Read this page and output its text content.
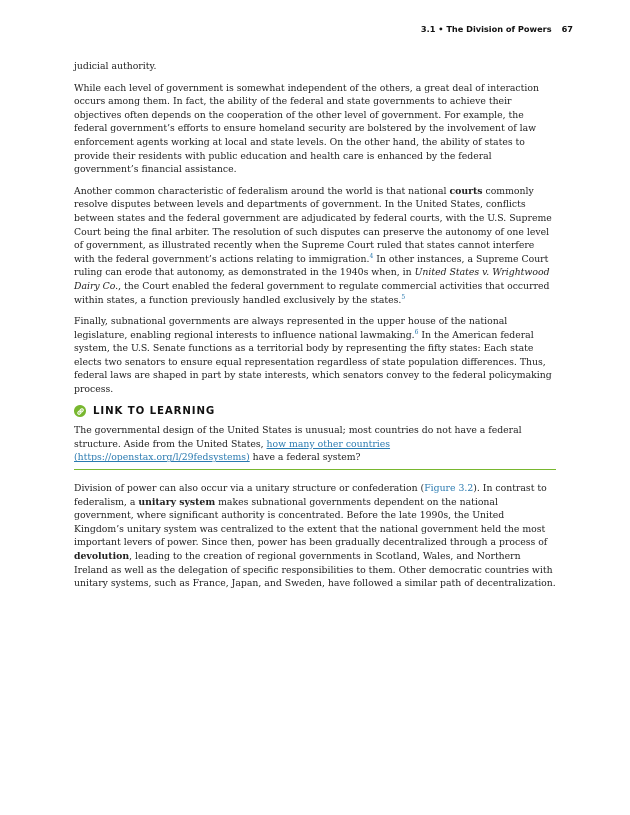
3.1 • The Division of Powers 67

judicial authority.

While each level of government is somewhat independent of the others, a great deal of interaction occurs among them. In fact, the ability of the federal and state governments to achieve their objectives often depends on the cooperation of the other level of government. For example, the federal government’s efforts to ensure homeland security are bolstered by the involvement of law enforcement agents working at local and state levels. On the other hand, the ability of states to provide their residents with public education and health care is enhanced by the federal government’s financial assistance.

Another common characteristic of federalism around the world is that national courts commonly resolve disputes between levels and departments of government. In the United States, conflicts between states and the federal government are adjudicated by federal courts, with the U.S. Supreme Court being the final arbiter. The resolution of such disputes can preserve the autonomy of one level of government, as illustrated recently when the Supreme Court ruled that states cannot interfere with the federal government’s actions relating to immigration.$^4$ In other instances, a Supreme Court ruling can erode that autonomy, as demonstrated in the 1940s when, in United States v. Wrightwood Dairy Co., the Court enabled the federal government to regulate commercial activities that occurred within states, a function previously handled exclusively by the states.$^5$

Finally, subnational governments are always represented in the upper house of the national legislature, enabling regional interests to influence national lawmaking.$^6$ In the American federal system, the U.S. Senate functions as a territorial body by representing the fifty states: Each state elects two senators to ensure equal representation regardless of state population differences. Thus, federal laws are shaped in part by state interests, which senators convey to the federal policymaking process.

LINK TO LEARNING

The governmental design of the United States is unusual; most countries do not have a federal structure. Aside from the United States, how many other countries (https://openstax.org/l/29fedsystems) have a federal system?

Division of power can also occur via a unitary structure or confederation (Figure 3.2). In contrast to federalism, a unitary system makes subnational governments dependent on the national government, where significant authority is concentrated. Before the late 1990s, the United Kingdom’s unitary system was centralized to the extent that the national government held the most important levers of power. Since then, power has been gradually decentralized through a process of devolution, leading to the creation of regional governments in Scotland, Wales, and Northern Ireland as well as the delegation of specific responsibilities to them. Other democratic countries with unitary systems, such as France, Japan, and Sweden, have followed a similar path of decentralization.
